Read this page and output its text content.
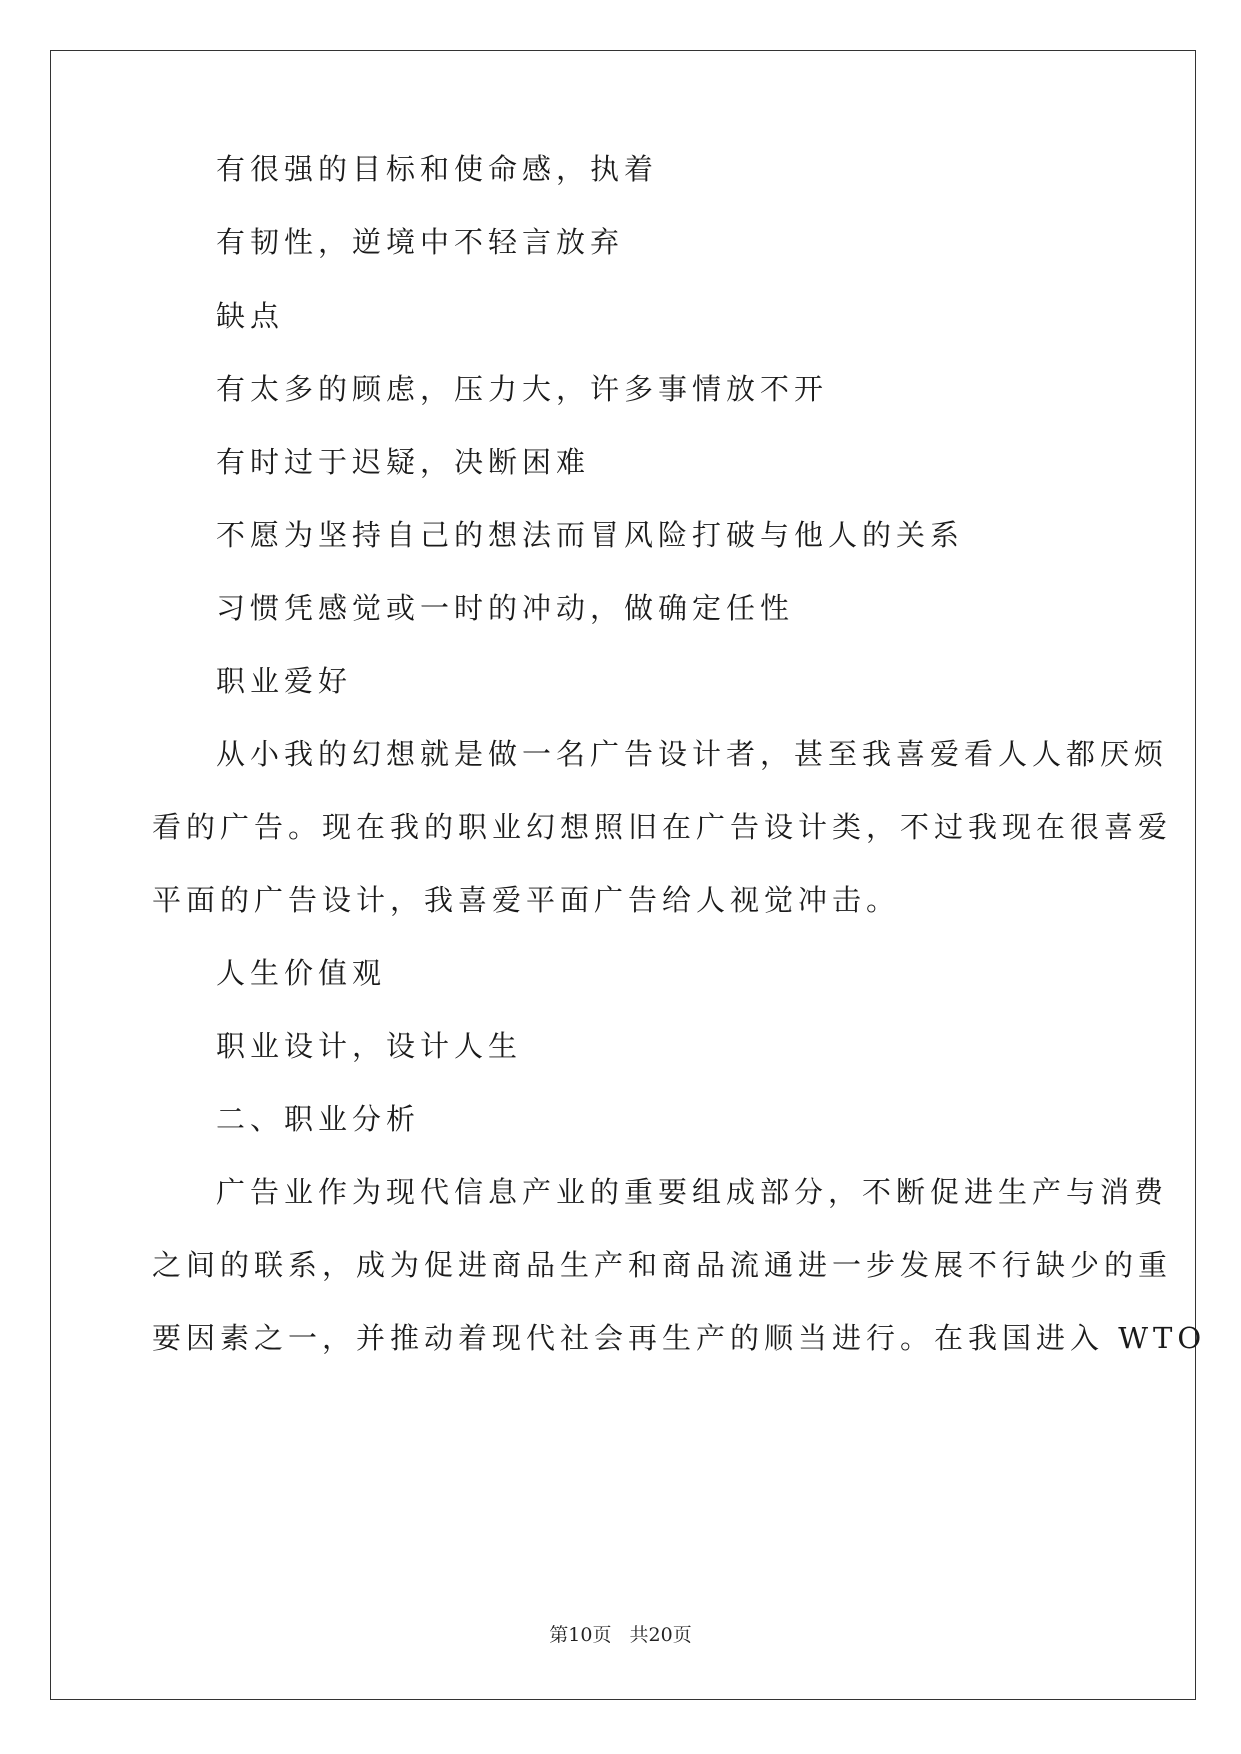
有很强的目标和使命感，执着
有韧性，逆境中不轻言放弃
缺点
有太多的顾虑，压力大，许多事情放不开
有时过于迟疑，决断困难
不愿为坚持自己的想法而冒风险打破与他人的关系
习惯凭感觉或一时的冲动，做确定任性
职业爱好
从小我的幻想就是做一名广告设计者，甚至我喜爱看人人都厌烦
看的广告。现在我的职业幻想照旧在广告设计类，不过我现在很喜爱
平面的广告设计，我喜爱平面广告给人视觉冲击。
人生价值观
职业设计，设计人生
二、职业分析
广告业作为现代信息产业的重要组成部分，不断促进生产与消费
之间的联系，成为促进商品生产和商品流通进一步发展不行缺少的重
要因素之一，并推动着现代社会再生产的顺当进行。在我国进入 WTO
第10页 共20页
